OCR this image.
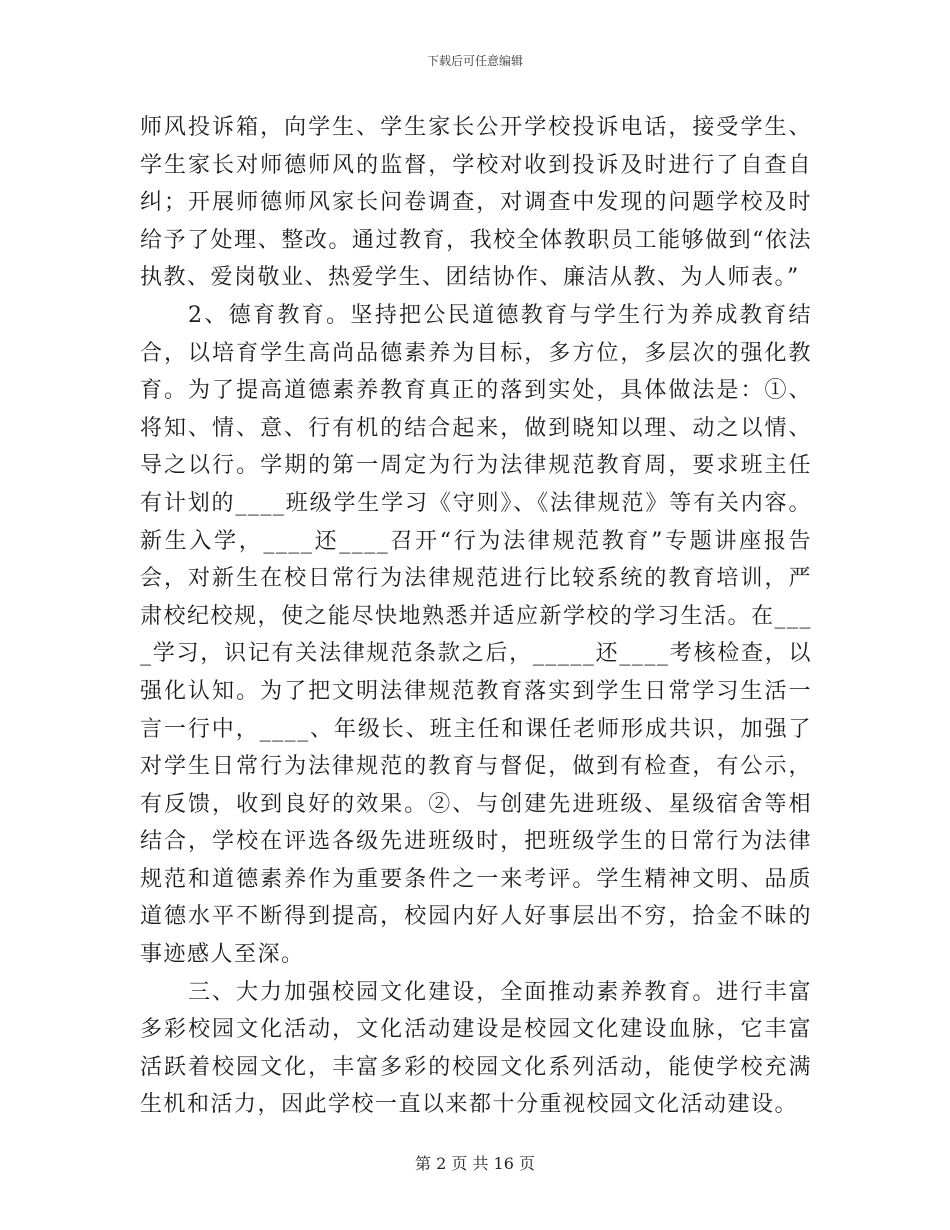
下载后可任意编辑

师风投诉箱，向学生、学生家长公开学校投诉电话，接受学生、学生家长对师德师风的监督，学校对收到投诉及时进行了自查自纠；开展师德师风家长问卷调查，对调查中发现的问题学校及时给予了处理、整改。通过教育，我校全体教职员工能够做到“依法执教、爱岗敬业、热爱学生、团结协作、廉洁从教、为人师表。”

2、德育教育。坚持把公民道德教育与学生行为养成教育结合，以培育学生高尚品德素养为目标，多方位，多层次的强化教育。为了提高道德素养教育真正的落到实处，具体做法是：①、将知、情、意、行有机的结合起来，做到晓知以理、动之以情、导之以行。学期的第一周定为行为法律规范教育周，要求班主任有计划的____班级学生学习《守则》、《法律规范》等有关内容。新生入学，____还____召开“行为法律规范教育”专题讲座报告会，对新生在校日常行为法律规范进行比较系统的教育培训，严肃校纪校规，使之能尽快地熟悉并适应新学校的学习生活。在____学习，识记有关法律规范条款之后，_____还____考核检查，以强化认知。为了把文明法律规范教育落实到学生日常学习生活一言一行中，____、年级长、班主任和课任老师形成共识，加强了对学生日常行为法律规范的教育与督促，做到有检查，有公示，有反馈，收到良好的效果。②、与创建先进班级、星级宿舍等相结合，学校在评选各级先进班级时，把班级学生的日常行为法律规范和道德素养作为重要条件之一来考评。学生精神文明、品质道德水平不断得到提高，校园内好人好事层出不穷，拾金不昧的事迹感人至深。

三、大力加强校园文化建设，全面推动素养教育。进行丰富多彩校园文化活动，文化活动建设是校园文化建设血脉，它丰富活跃着校园文化，丰富多彩的校园文化系列活动，能使学校充满生机和活力，因此学校一直以来都十分重视校园文化活动建设。

第 2 页 共 16 页
